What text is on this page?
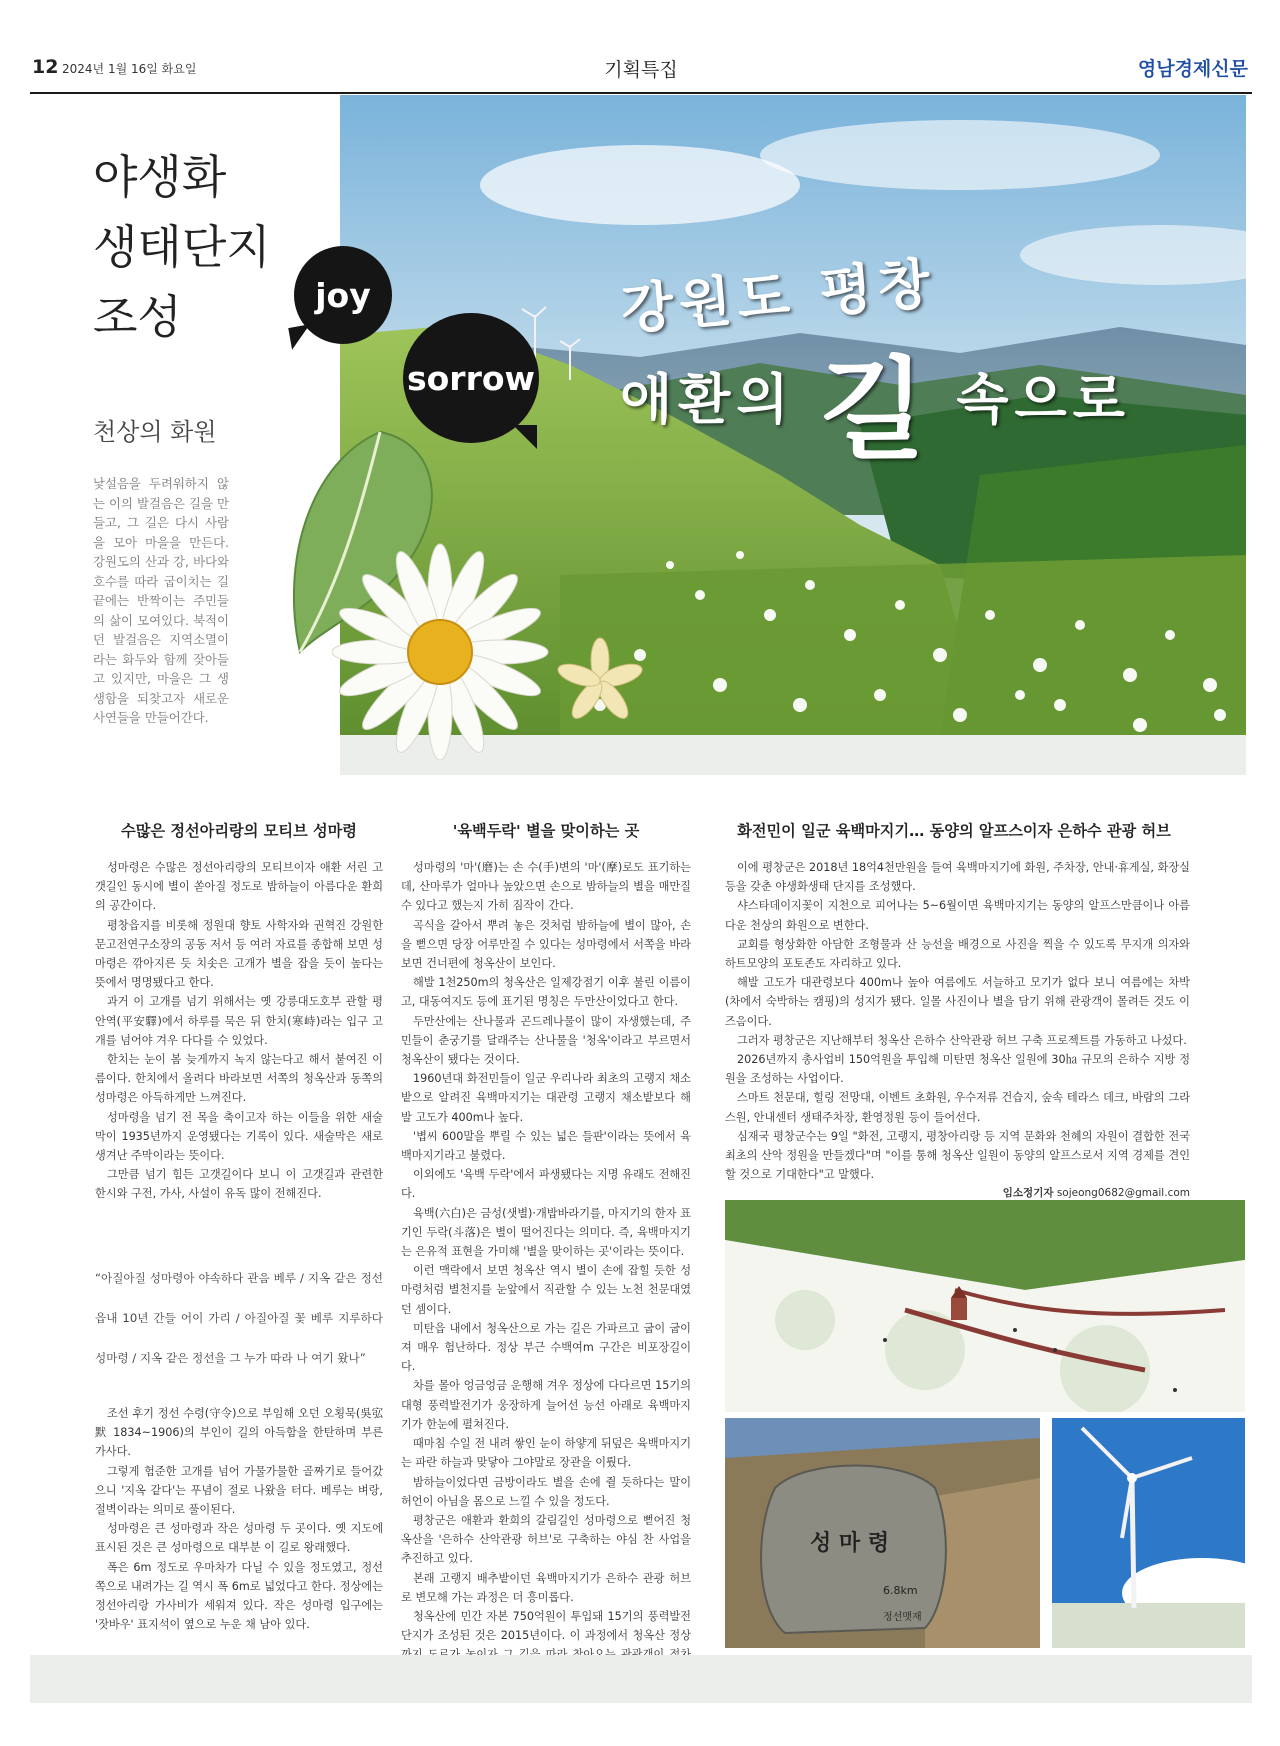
12 2024년 1월 16일 화요일	기획특집	영남경제신문
야생화
생태단지
조성
천상의 화원
낯설음을 두려워하지 않는 이의 발걸음은 길을 만들고, 그 길은 다시 사람을 모아 마을을 만든다. 강원도의 산과 강, 바다와 호수를 따라 굽이치는 길 끝에는 반짝이는 주민들의 삶이 모여있다. 북적이던 발걸음은 지역소멸이라는 화두와 함께 잦아들고 있지만, 마을은 그 생생함을 되찾고자 새로운 사연들을 만들어간다.
joy
sorrow
강원도 평창
애환의 길 속으로
수많은 정선아리랑의 모티브 성마령

성마령은 수많은 정선아리랑의 모티브이자 애환 서린 고갯길인 동시에 별이 쏟아질 정도로 밤하늘이 아름다운 환희의 공간이다.

평창읍지를 비롯해 정원대 향토 사학자와 권혁진 강원한문고전연구소장의 공동 저서 등 여러 자료를 종합해 보면 성마령은 깎아지른 듯 치솟은 고개가 별을 잡을 듯이 높다는 뜻에서 명명됐다고 한다.

과거 이 고개를 넘기 위해서는 옛 강릉대도호부 관할 평안역(平安驛)에서 하루를 묵은 뒤 한치(寒峙)라는 입구 고개를 넘어야 겨우 다다를 수 있었다.

한치는 눈이 봄 늦게까지 녹지 않는다고 해서 붙여진 이름이다. 한치에서 올려다 바라보면 서쪽의 청옥산과 동쪽의 성마령은 아득하게만 느껴진다.

성마령을 넘기 전 목을 축이고자 하는 이들을 위한 새술막이 1935년까지 운영됐다는 기록이 있다. 새술막은 새로 생겨난 주막이라는 뜻이다.

그만큼 넘기 힘든 고갯길이다 보니 이 고갯길과 관련한 한시와 구전, 가사, 사설이 유독 많이 전해진다.

“아질아질 성마령아 야속하다 관음 베루 / 지옥 같은 정선 읍내 10년 간들 어이 가리 / 아질아질 꽃 베루 지루하다 성마령 / 지옥 같은 정선을 그 누가 따라 나 여기 왔나”

조선 후기 정선 수령(守令)으로 부임해 오던 오횡묵(吳宖默 1834~1906)의 부인이 길의 아득함을 한탄하며 부른 가사다.

그렇게 험준한 고개를 넘어 가물가물한 골짜기로 들어갔으니 '지옥 같다'는 푸념이 절로 나왔을 터다. 베루는 벼랑, 절벽이라는 의미로 풀이된다.

성마령은 큰 성마령과 작은 성마령 두 곳이다. 옛 지도에 표시된 것은 큰 성마령으로 대부분 이 길로 왕래했다.

폭은 6m 정도로 우마차가 다닐 수 있을 정도였고, 정선 쪽으로 내려가는 길 역시 폭 6m로 넓었다고 한다. 정상에는 정선아리랑 가사비가 세워져 있다. 작은 성마령 입구에는 '잣바우' 표지석이 옆으로 누운 채 남아 있다.

'육백두락' 별을 맞이하는 곳

성마령의 '마'(磨)는 손 수(手)변의 '마'(摩)로도 표기하는데, 산마루가 얼마나 높았으면 손으로 밤하늘의 별을 매만질 수 있다고 했는지 가히 짐작이 간다.

곡식을 갈아서 뿌려 놓은 것처럼 밤하늘에 별이 많아, 손을 뻗으면 당장 어루만질 수 있다는 성마령에서 서쪽을 바라보면 건너편에 청옥산이 보인다.

해발 1천250m의 청옥산은 일제강점기 이후 불린 이름이고, 대동여지도 등에 표기된 명칭은 두만산이었다고 한다.

두만산에는 산나물과 곤드레나물이 많이 자생했는데, 주민들이 춘궁기를 달래주는 산나물을 '청옥'이라고 부르면서 청옥산이 됐다는 것이다.

1960년대 화전민들이 일군 우리나라 최초의 고랭지 채소밭으로 알려진 육백마지기는 대관령 고랭지 채소밭보다 해발 고도가 400m나 높다.

'볍씨 600말을 뿌릴 수 있는 넓은 들판'이라는 뜻에서 육백마지기라고 불렸다.

이외에도 '육백 두락'에서 파생됐다는 지명 유래도 전해진다.

육백(六白)은 금성(샛별)·개밥바라기를, 마지기의 한자 표기인 두락(斗落)은 별이 떨어진다는 의미다. 즉, 육백마지기는 은유적 표현을 가미해 '별을 맞이하는 곳'이라는 뜻이다.

이런 맥락에서 보면 청옥산 역시 별이 손에 잡힐 듯한 성마령처럼 별천지를 눈앞에서 직관할 수 있는 노천 천문대였던 셈이다.

미탄읍 내에서 청옥산으로 가는 길은 가파르고 굽이 굽이져 매우 험난하다. 정상 부근 수백여m 구간은 비포장길이다.

차를 몰아 엉금엉금 운행해 겨우 정상에 다다르면 15기의 대형 풍력발전기가 웅장하게 늘어선 능선 아래로 육백마지기가 한눈에 펼쳐진다.

때마침 수일 전 내려 쌓인 눈이 하얗게 뒤덮은 육백마지기는 파란 하늘과 맞닿아 그야말로 장관을 이뤘다.

밤하늘이었다면 금방이라도 별을 손에 쥘 듯하다는 말이 허언이 아님을 몸으로 느낄 수 있을 정도다.

평창군은 애환과 환희의 갈림길인 성마령으로 뻗어진 청옥산을 '은하수 산악관광 허브'로 구축하는 야심 찬 사업을 추진하고 있다.

본래 고랭지 배추밭이던 육백마지기가 은하수 관광 허브로 변모해 가는 과정은 더 흥미롭다.

청옥산에 민간 자본 750억원이 투입돼 15기의 풍력발전단지가 조성된 것은 2015년이다. 이 과정에서 청옥산 정상

화전민이 일군 육백마지기… 동양의 알프스이자 은하수 관광 허브

이에 평창군은 2018년 18억4천만원을 들여 육백마지기에 화원, 주차장, 안내·휴게실, 화장실 등을 갖춘 야생화생태 단지를 조성했다.

샤스타데이지꽃이 지천으로 피어나는 5~6월이면 육백마지기는 동양의 알프스만큼이나 아름다운 천상의 화원으로 변한다.

교회를 형상화한 아담한 조형물과 산 능선을 배경으로 사진을 찍을 수 있도록 무지개 의자와 하트모양의 포토존도 자리하고 있다.

해발 고도가 대관령보다 400m나 높아 여름에도 서늘하고 모기가 없다 보니 여름에는 차박(차에서 숙박하는 캠핑)의 성지가 됐다. 일몰 사진이나 별을 담기 위해 관광객이 몰려든 것도 이즈음이다.

그러자 평창군은 지난해부터 청옥산 은하수 산악관광 허브 구축 프로젝트를 가동하고 나섰다.

2026년까지 총사업비 150억원을 투입해 미탄면 청옥산 일원에 30㏊ 규모의 은하수 지방 정원을 조성하는 사업이다.

스마트 천문대, 힐링 전망대, 이벤트 초화원, 우수저류 건습지, 숲속 테라스 데크, 바람의 그라스원, 안내센터 생태주차장, 환영정원 등이 들어선다.

심재국 평창군수는 9일 "화전, 고랭지, 평창아리랑 등 지역 문화와 천혜의 자원이 결합한 전국 최초의 산악 정원을 만들겠다"며 "이를 통해 청옥산 일원이 동양의 알프스로서 지역 경제를 견인할 것으로 기대한다"고 말했다.

임소정기자 sojeong0682@gmail.com
성 마 령
6.8km
정선맷재
